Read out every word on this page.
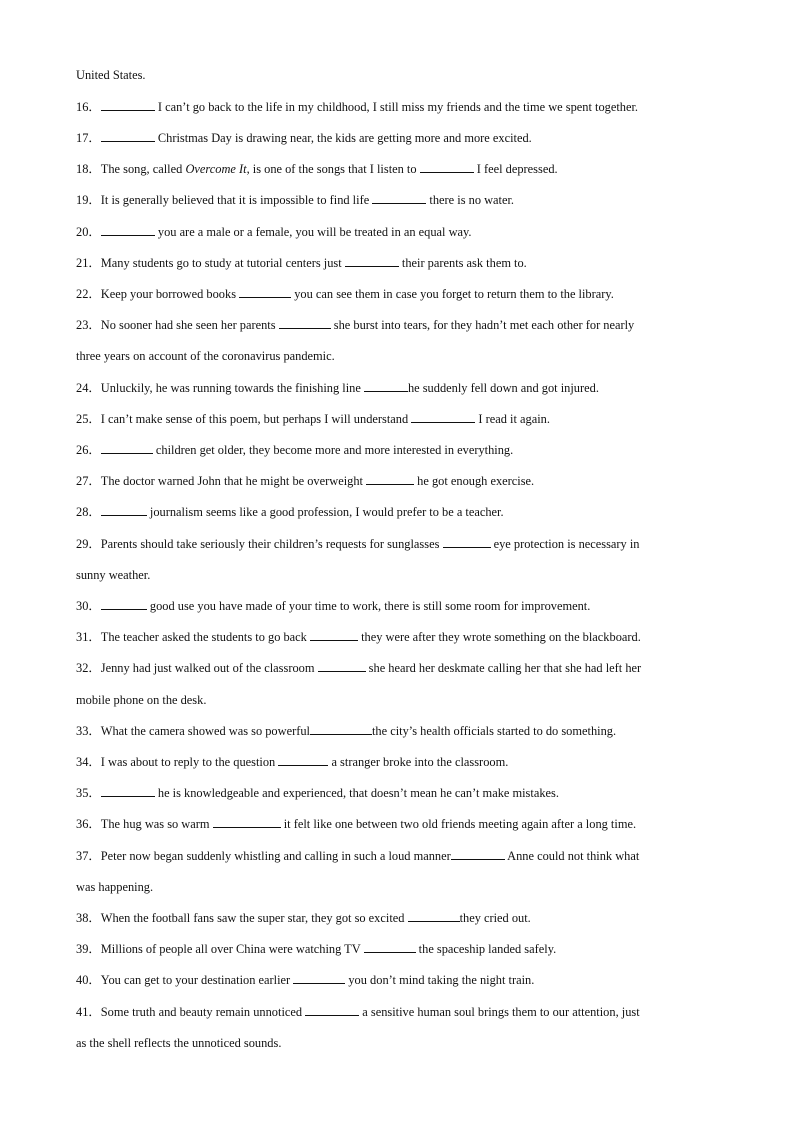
United States.
16．	I can’t go back to the life in my childhood, I still miss my friends and the time we spent together.
17．	Christmas Day is drawing near, the kids are getting more and more excited.
18．The song, called Overcome It, is one of the songs that I listen to	I feel depressed.
19．It is generally believed that it is impossible to find life	there is no water.
20．	you are a male or a female, you will be treated in an equal way.
21．Many students go to study at tutorial centers just	their parents ask them to.
22．Keep your borrowed books	you can see them in case you forget to return them to the library.
23．No sooner had she seen her parents	she burst into tears, for they hadn’t met each other for nearly
three years on account of the coronavirus pandemic.
24．Unluckily, he was running towards the finishing line	he suddenly fell down and got injured.
25．I can’t make sense of this poem, but perhaps I will understand	I read it again.
26．	children get older, they become more and more interested in everything.
27．The doctor warned John that he might be overweight	he got enough exercise.
28．	journalism seems like a good profession, I would prefer to be a teacher.
29．Parents should take seriously their children’s requests for sunglasses	eye protection is necessary in
sunny weather.
30．	good use you have made of your time to work, there is still some room for improvement.
31．The teacher asked the students to go back	they were after they wrote something on the blackboard.
32．Jenny had just walked out of the classroom	she heard her deskmate calling her that she had left her
mobile phone on the desk.
33．What the camera showed was so powerful	the city’s health officials started to do something.
34．I was about to reply to the question	a stranger broke into the classroom.
35．	he is knowledgeable and experienced, that doesn’t mean he can’t make mistakes.
36．The hug was so warm	it felt like one between two old friends meeting again after a long time.
37．Peter now began suddenly whistling and calling in such a loud manner	Anne could not think what
was happening.
38．When the football fans saw the super star, they got so excited	they cried out.
39．Millions of people all over China were watching TV	the spaceship landed safely.
40．You can get to your destination earlier	you don’t mind taking the night train.
41．Some truth and beauty remain unnoticed	a sensitive human soul brings them to our attention, just
as the shell reflects the unnoticed sounds.
